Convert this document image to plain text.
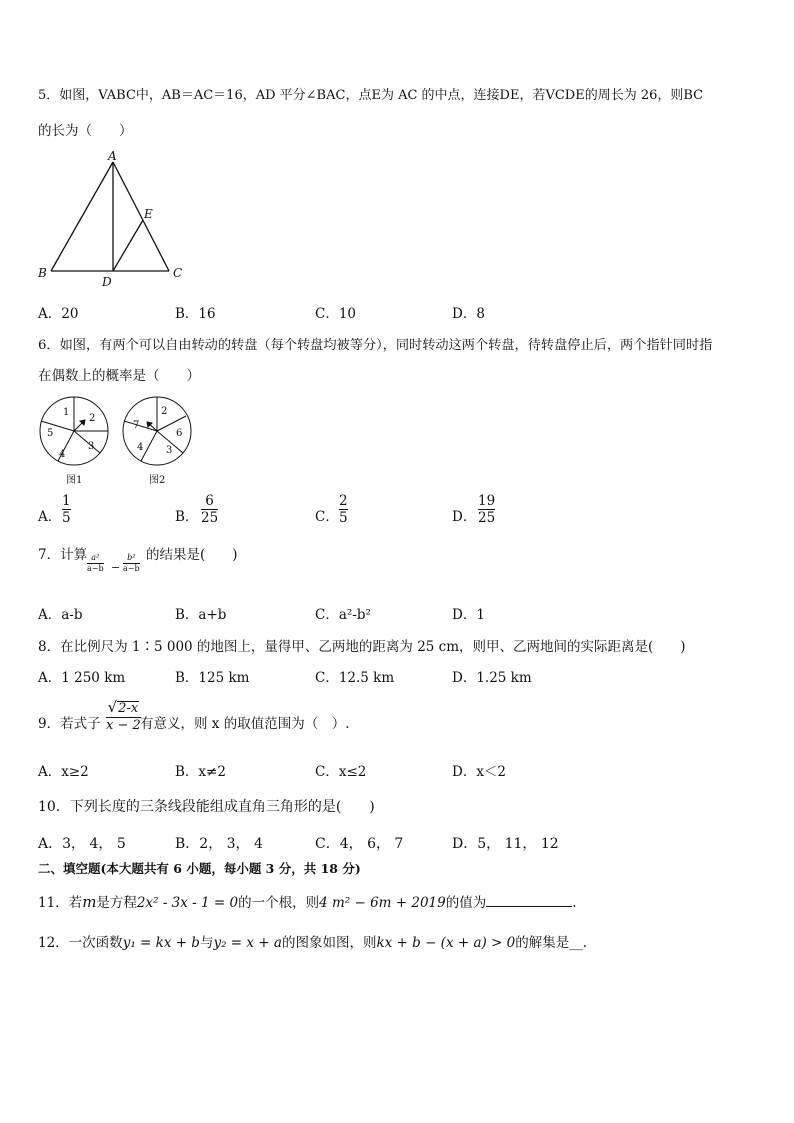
5．如图，VABC中，AB＝AC＝16，AD 平分∠BAC，点E为 AC 的中点，连接DE，若VCDE的周长为 26，则BC
的长为（　　）
A
E
B	C
D
A．20	B．16	C．10	D．8
6．如图，有两个可以自由转动的转盘（每个转盘均被等分），同时转动这两个转盘，待转盘停止后，两个指针同时指
在偶数上的概率是（　　）
1
2
3
4
5
图1
2
6
3
4
7
图2
A．
1
5	B．
6
25	C．
2
5	D．
19
25
7．计算 a²
a−b −
b²
a−b
的结果是(　　)
A．a-b	B．a+b	C．a²-b²	D．1
8．在比例尺为 1∶5 000 的地图上，量得甲、乙两地的距离为 25 cm，则甲、乙两地间的实际距离是(　　)
A．1 250 km	B．125 km	C．12.5 km	D．1.25 km
9．若式子
√2-x
x − 2 有意义，则 x 的取值范围为（　）.
A．x≥2	B．x≠2	C．x≤2	D．x＜2
10．下列长度的三条线段能组成直角三角形的是(　　)
A．3， 4， 5	B．2， 3， 4	C．4， 6， 7	D．5， 11， 12
二、填空题(本大题共有 6 小题，每小题 3 分，共 18 分)
11．若m是方程2x² - 3x - 1 = 0的一个根，则4 m² − 6m + 2019的值为	.
12．一次函数y₁ = kx + b与y₂ = x + a的图象如图，则kx + b − (x + a) > 0的解集是__.
